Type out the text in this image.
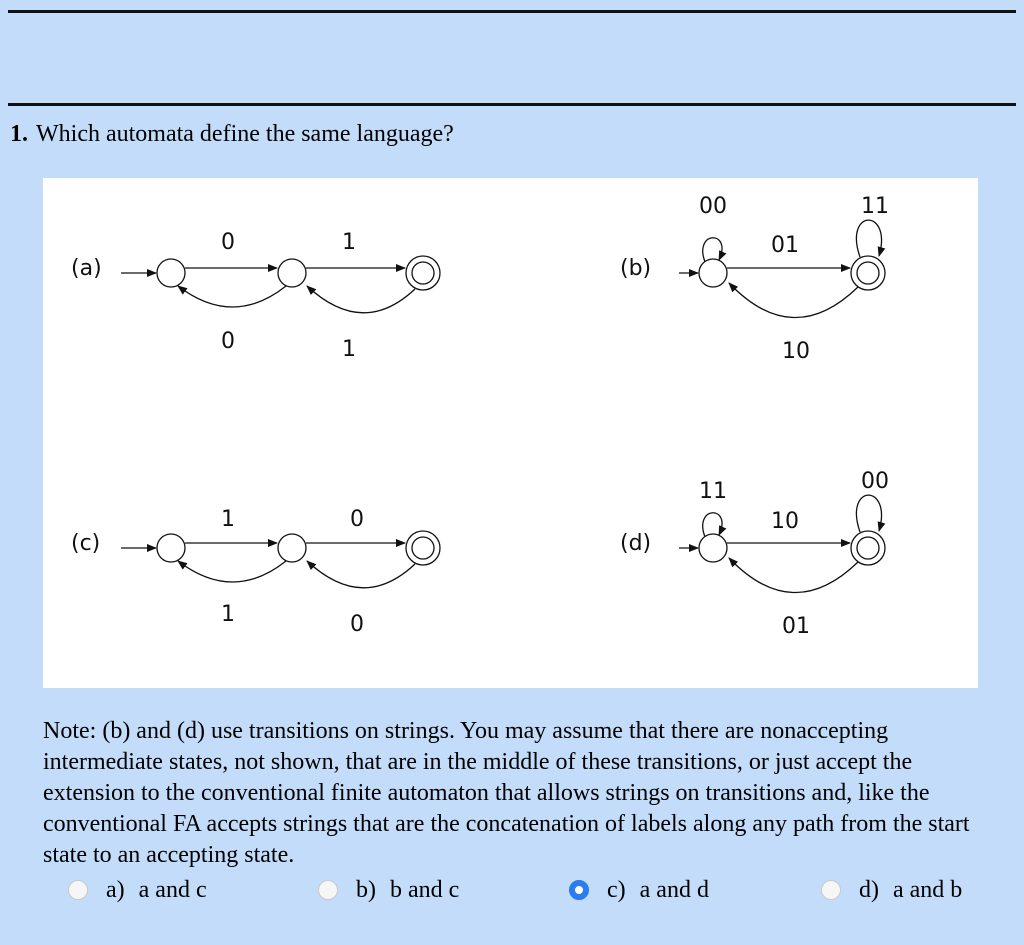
1. Which automata define the same language?
(a)
0	1
0	1
(b)
00	11
01
10
(c)
1	0
1	0
(d)
11	00
10
01
Note: (b) and (d) use transitions on strings. You may assume that there are nonaccepting intermediate states, not shown, that are in the middle of these transitions, or just accept the extension to the conventional finite automaton that allows strings on transitions and, like the conventional FA accepts strings that are the concatenation of labels along any path from the start state to an accepting state.
a) a and c	b) b and c	c) a and d	d) a and b
